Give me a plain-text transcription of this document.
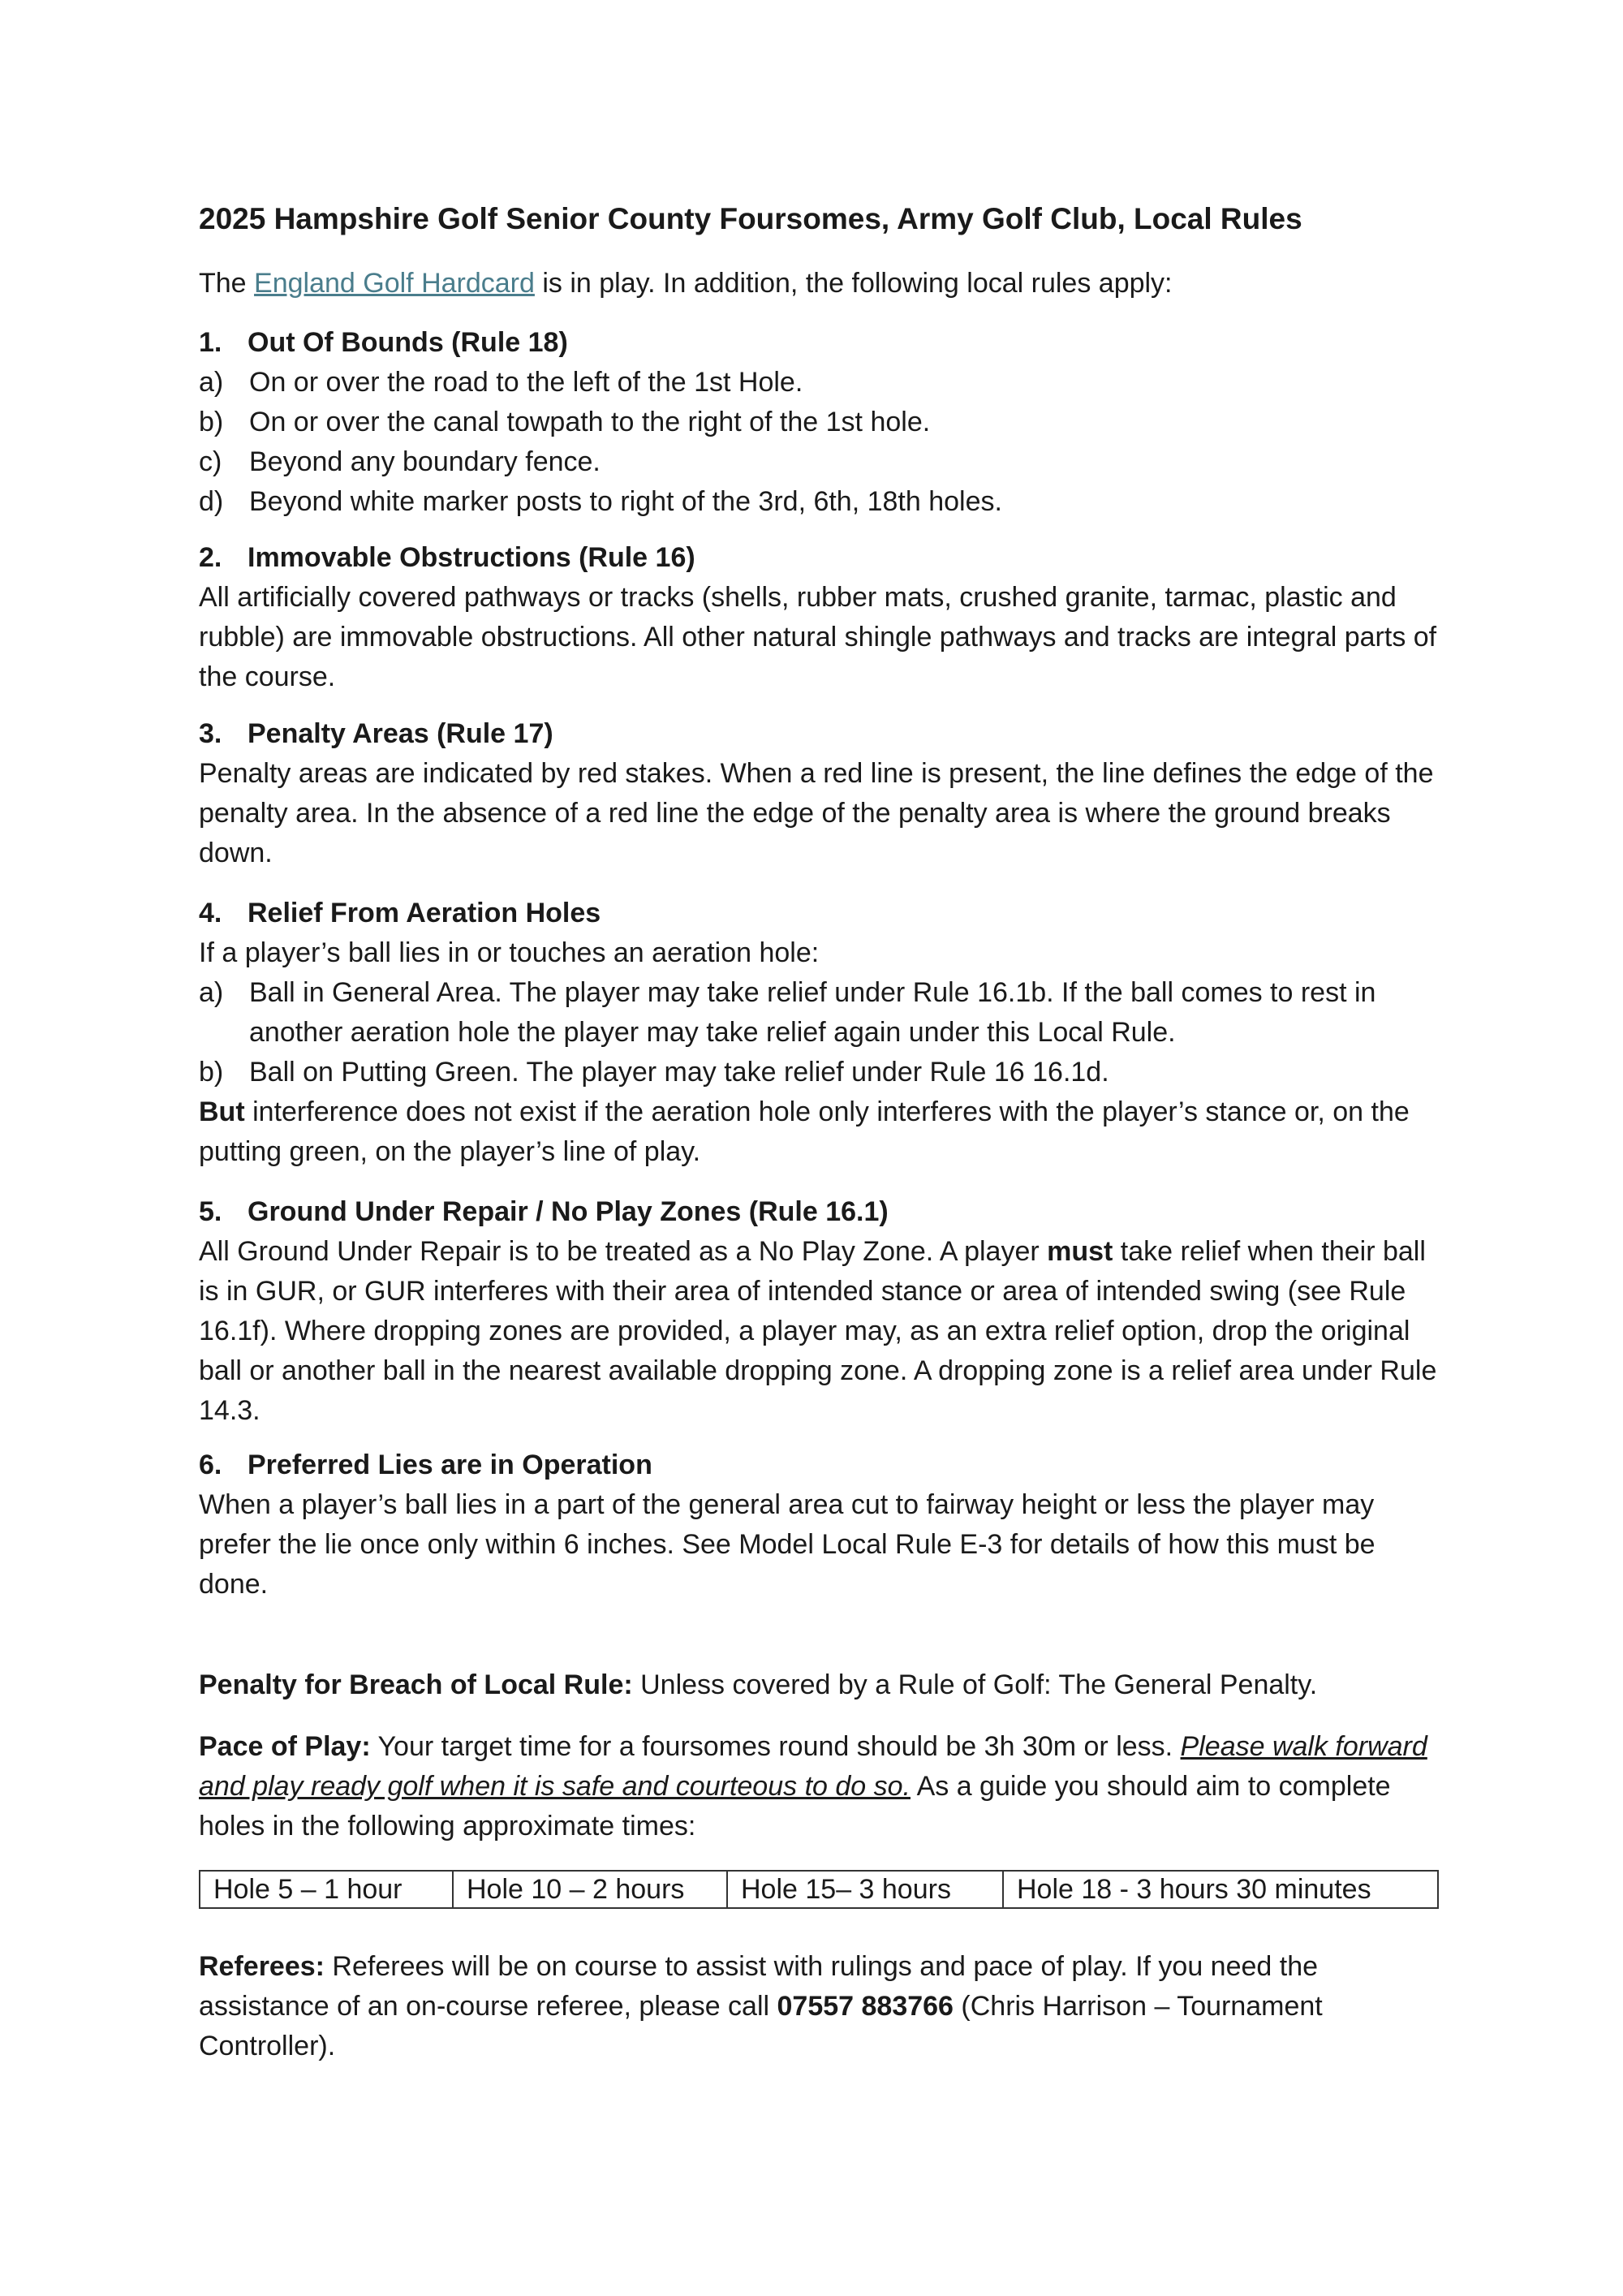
2025 Hampshire Golf Senior County Foursomes, Army Golf Club, Local Rules
The England Golf Hardcard is in play. In addition, the following local rules apply:
1. Out Of Bounds (Rule 18)
a) On or over the road to the left of the 1st Hole.
b) On or over the canal towpath to the right of the 1st hole.
c) Beyond any boundary fence.
d) Beyond white marker posts to right of the 3rd, 6th, 18th holes.
2. Immovable Obstructions (Rule 16)
All artificially covered pathways or tracks (shells, rubber mats, crushed granite, tarmac, plastic and rubble) are immovable obstructions. All other natural shingle pathways and tracks are integral parts of the course.
3. Penalty Areas (Rule 17)
Penalty areas are indicated by red stakes. When a red line is present, the line defines the edge of the penalty area. In the absence of a red line the edge of the penalty area is where the ground breaks down.
4. Relief From Aeration Holes
If a player’s ball lies in or touches an aeration hole:
a) Ball in General Area. The player may take relief under Rule 16.1b. If the ball comes to rest in another aeration hole the player may take relief again under this Local Rule.
b) Ball on Putting Green. The player may take relief under Rule 16 16.1d.
But interference does not exist if the aeration hole only interferes with the player’s stance or, on the putting green, on the player’s line of play.
5. Ground Under Repair / No Play Zones (Rule 16.1)
All Ground Under Repair is to be treated as a No Play Zone. A player must take relief when their ball is in GUR, or GUR interferes with their area of intended stance or area of intended swing (see Rule 16.1f). Where dropping zones are provided, a player may, as an extra relief option, drop the original ball or another ball in the nearest available dropping zone. A dropping zone is a relief area under Rule 14.3.
6. Preferred Lies are in Operation
When a player’s ball lies in a part of the general area cut to fairway height or less the player may prefer the lie once only within 6 inches. See Model Local Rule E-3 for details of how this must be done.
Penalty for Breach of Local Rule: Unless covered by a Rule of Golf: The General Penalty.
Pace of Play: Your target time for a foursomes round should be 3h 30m or less. Please walk forward and play ready golf when it is safe and courteous to do so. As a guide you should aim to complete holes in the following approximate times:
Hole 5 – 1 hour	Hole 10 – 2 hours	Hole 15– 3 hours	Hole 18 - 3 hours 30 minutes
Referees: Referees will be on course to assist with rulings and pace of play. If you need the assistance of an on-course referee, please call 07557 883766 (Chris Harrison – Tournament Controller).
